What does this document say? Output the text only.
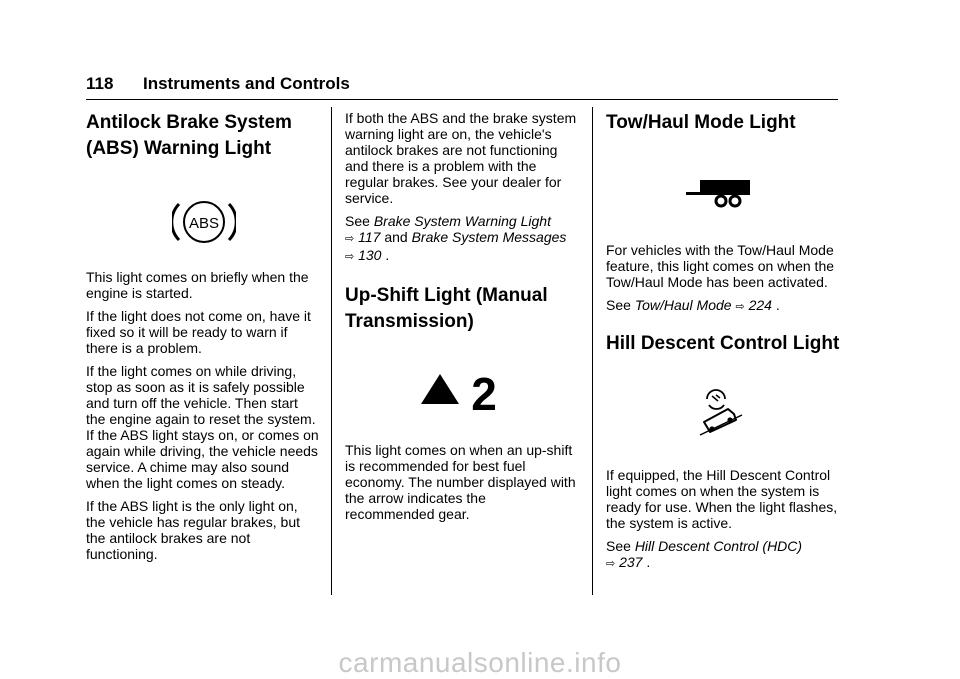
118 Instruments and Controls
Antilock Brake System
(ABS) Warning Light
ABS

This light comes on briefly when the engine is started.

If the light does not come on, have it fixed so it will be ready to warn if there is a problem.

If the light comes on while driving, stop as soon as it is safely possible and turn off the vehicle. Then start the engine again to reset the system. If the ABS light stays on, or comes on again while driving, the vehicle needs service. A chime may also sound when the light comes on steady.

If the ABS light is the only light on, the vehicle has regular brakes, but the antilock brakes are not functioning.

If both the ABS and the brake system warning light are on, the vehicle's antilock brakes are not functioning and there is a problem with the regular brakes. See your dealer for service.

See Brake System Warning Light
⇨ 117 and Brake System Messages
⇨ 130 .

Up-Shift Light (Manual
Transmission)
2

This light comes on when an up-shift is recommended for best fuel economy. The number displayed with the arrow indicates the recommended gear.

Tow/Haul Mode Light

For vehicles with the Tow/Haul Mode feature, this light comes on when the Tow/Haul Mode has been activated.

See Tow/Haul Mode ⇨ 224 .

Hill Descent Control Light

If equipped, the Hill Descent Control light comes on when the system is ready for use. When the light flashes, the system is active.

See Hill Descent Control (HDC)
⇨ 237 .

carmanualsonline.info
